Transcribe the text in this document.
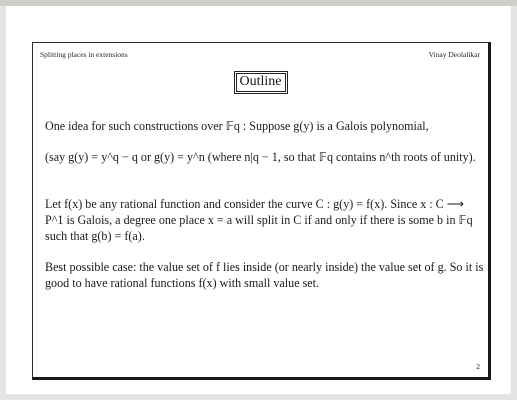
Splitting places in extensions	Vinay Deolalikar
Outline
One idea for such constructions over 𝔽q : Suppose g(y) is a Galois polynomial,
(say g(y) = y^q − q or g(y) = y^n (where n|q − 1, so that 𝔽q contains n^th roots of unity).
Let f(x) be any rational function and consider the curve C : g(y) = f(x). Since x : C ⟶ P^1 is Galois, a degree one place x = a will split in C if and only if there is some b in 𝔽q such that g(b) = f(a).
Best possible case: the value set of f lies inside (or nearly inside) the value set of g. So it is good to have rational functions f(x) with small value set.
2
